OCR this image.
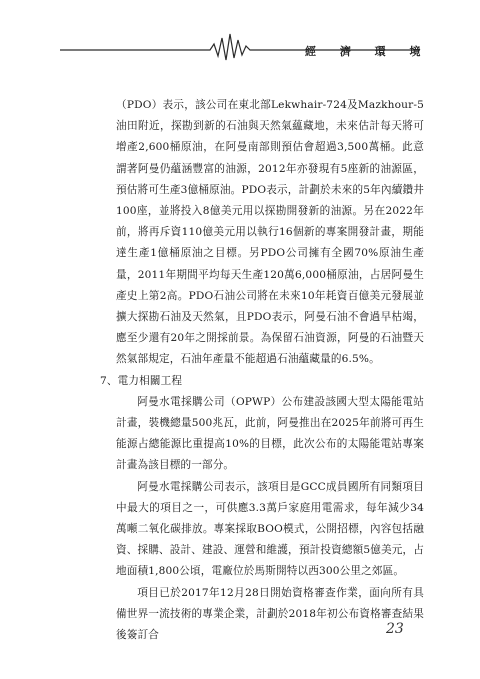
經 濟 環 境

（PDO）表示，該公司在東北部Lekwhair-724及Mazkhour-5油田附近，探勘到新的石油與天然氣蘊藏地，未來估計每天將可增產2,600桶原油，在阿曼南部則預估會超過3,500萬桶。此意謂著阿曼仍蘊涵豐富的油源，2012年亦發現有5座新的油源區，預估將可生產3億桶原油。PDO表示，計劃於未來的5年內續鑽井100座，並將投入8億美元用以探勘開發新的油源。另在2022年前，將再斥資110億美元用以執行16個新的專案開發計畫，期能達生產1億桶原油之目標。另PDO公司擁有全國70%原油生產量，2011年期間平均每天生產120萬6,000桶原油，占居阿曼生產史上第2高。PDO石油公司將在未來10年耗資百億美元發展並擴大探勘石油及天然氣，且PDO表示，阿曼石油不會過早枯竭，應至少還有20年之開採前景。為保留石油資源，阿曼的石油暨天然氣部規定，石油年產量不能超過石油蘊藏量的6.5%。

7、電力相關工程

阿曼水電採購公司（OPWP）公布建設該國大型太陽能電站計畫，裝機總量500兆瓦，此前，阿曼推出在2025年前將可再生能源占總能源比重提高10%的目標，此次公布的太陽能電站專案計畫為該目標的一部分。

阿曼水電採購公司表示，該項目是GCC成員國所有同類項目中最大的項目之一，可供應3.3萬戶家庭用電需求，每年減少34萬噸二氧化碳排放。專案採取BOO模式，公開招標，內容包括融資、採購、設計、建設、運營和維護，預計投資總額5億美元，占地面積1,800公頃，電廠位於馬斯開特以西300公里之郊區。

項目已於2017年12月28日開始資格審查作業，面向所有具備世界一流技術的專業企業，計劃於2018年初公布資格審查結果後簽訂合	23
